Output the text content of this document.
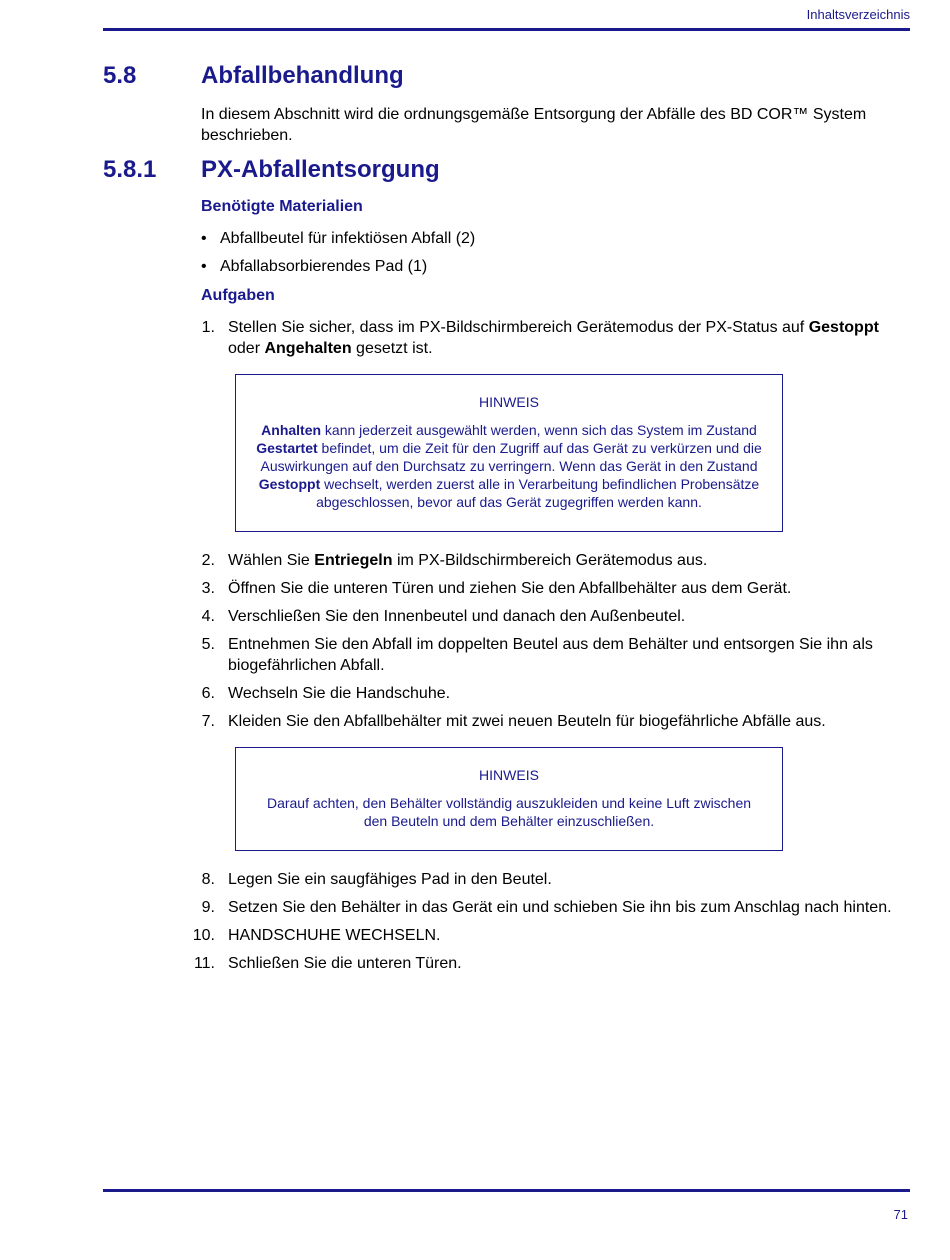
Inhaltsverzeichnis
5.8	Abfallbehandlung

In diesem Abschnitt wird die ordnungsgemäße Entsorgung der Abfälle des BD COR™ System beschrieben.

5.8.1	PX-Abfallentsorgung
Benötigte Materialien
• Abfallbeutel für infektiösen Abfall (2)
• Abfallabsorbierendes Pad (1)
Aufgaben
1. Stellen Sie sicher, dass im PX-Bildschirmbereich Gerätemodus der PX-Status auf Gestoppt oder Angehalten gesetzt ist.
HINWEIS
Anhalten kann jederzeit ausgewählt werden, wenn sich das System im Zustand Gestartet befindet, um die Zeit für den Zugriff auf das Gerät zu verkürzen und die Auswirkungen auf den Durchsatz zu verringern. Wenn das Gerät in den Zustand Gestoppt wechselt, werden zuerst alle in Verarbeitung befindlichen Probensätze abgeschlossen, bevor auf das Gerät zugegriffen werden kann.
2. Wählen Sie Entriegeln im PX-Bildschirmbereich Gerätemodus aus.
3. Öffnen Sie die unteren Türen und ziehen Sie den Abfallbehälter aus dem Gerät.
4. Verschließen Sie den Innenbeutel und danach den Außenbeutel.
5. Entnehmen Sie den Abfall im doppelten Beutel aus dem Behälter und entsorgen Sie ihn als biogefährlichen Abfall.
6. Wechseln Sie die Handschuhe.
7. Kleiden Sie den Abfallbehälter mit zwei neuen Beuteln für biogefährliche Abfälle aus.
HINWEIS
Darauf achten, den Behälter vollständig auszukleiden und keine Luft zwischen den Beuteln und dem Behälter einzuschließen.
8. Legen Sie ein saugfähiges Pad in den Beutel.
9. Setzen Sie den Behälter in das Gerät ein und schieben Sie ihn bis zum Anschlag nach hinten.
10. HANDSCHUHE WECHSELN.
11. Schließen Sie die unteren Türen.
71
